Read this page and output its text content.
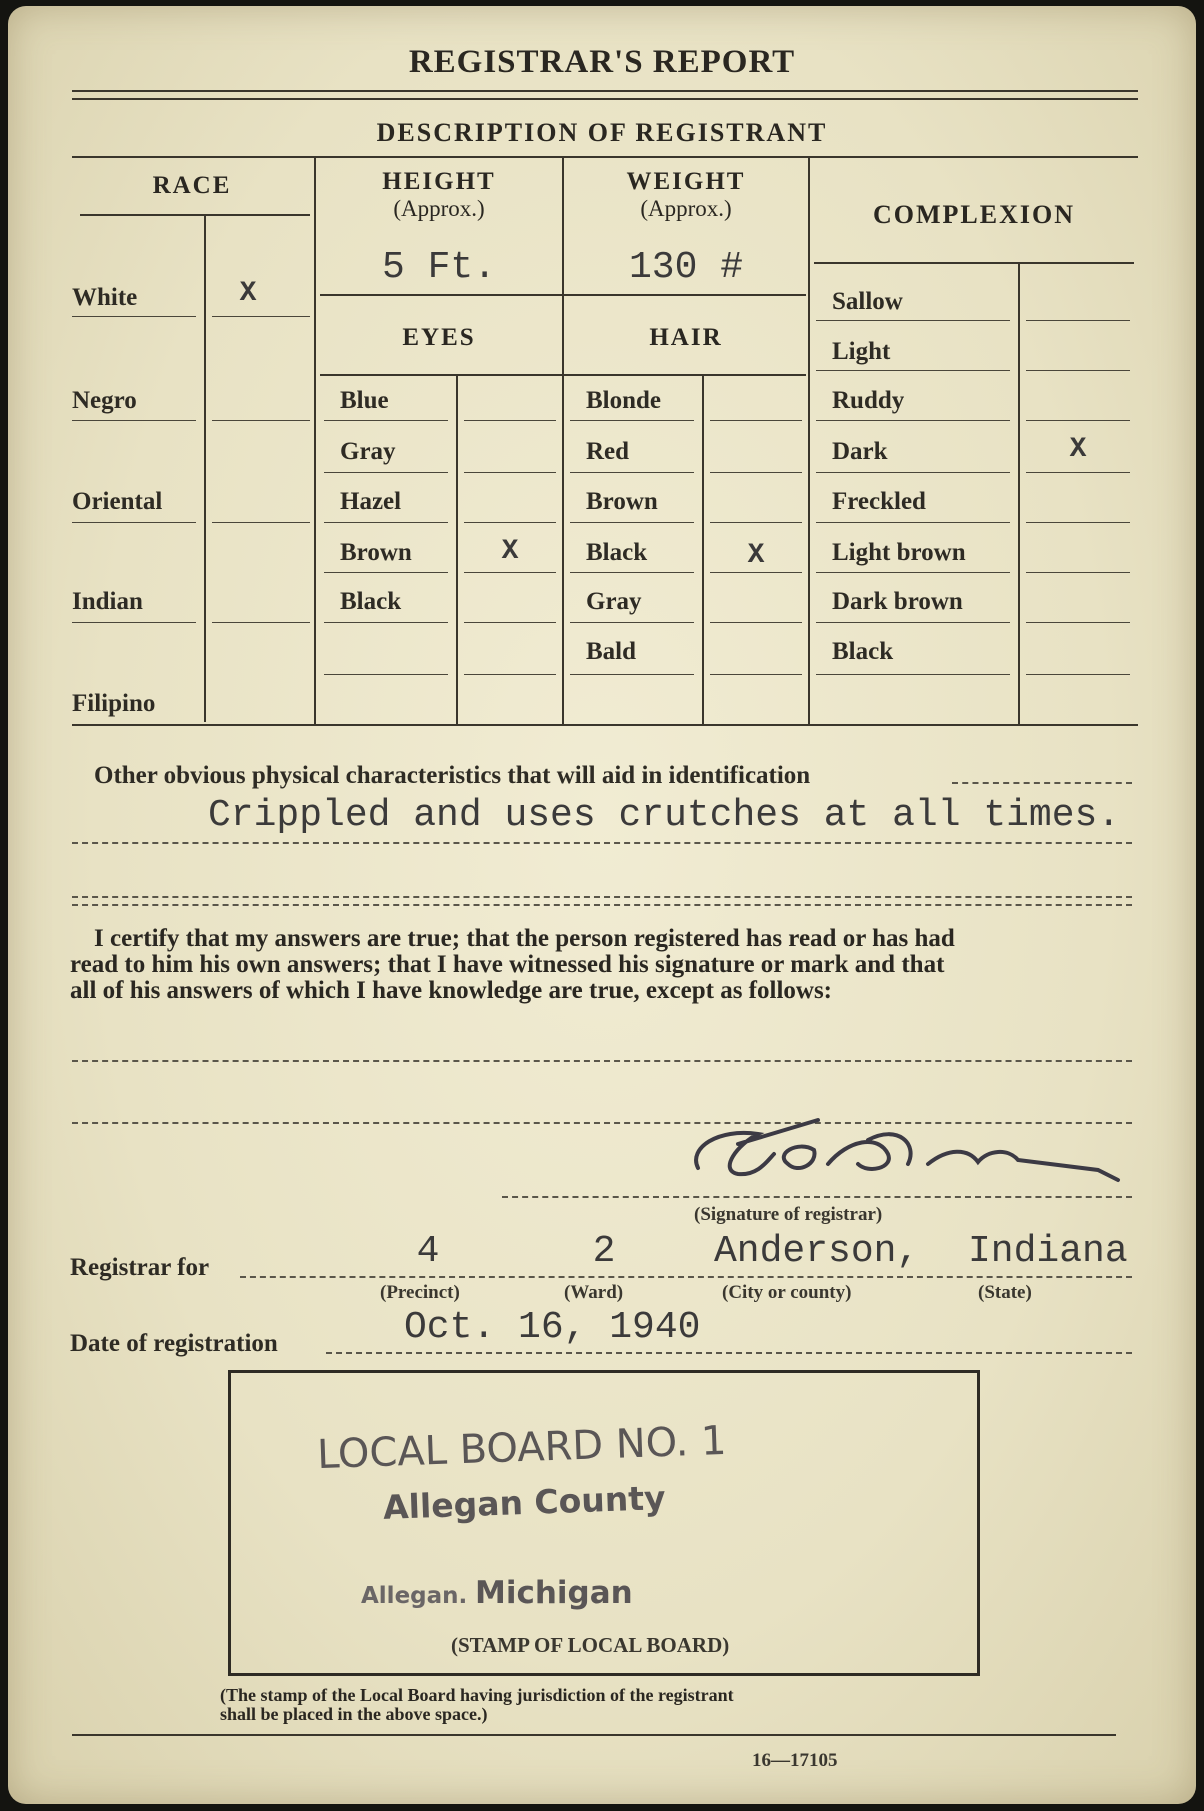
REGISTRAR'S REPORT
DESCRIPTION OF REGISTRANT
RACE
White	X
Negro
Oriental
Indian
Filipino
HEIGHT
(Approx.)
5 Ft.
WEIGHT
(Approx.)
130 #
EYES
Blue
Gray
Hazel
Brown	X
Black
HAIR
Blonde
Red
Brown
Black	X
Gray
Bald
COMPLEXION
Sallow
Light
Ruddy
Dark	X
Freckled
Light brown
Dark brown
Black
Other obvious physical characteristics that will aid in identification
Crippled and uses crutches at all times.
I certify that my answers are true; that the person registered has read or has had
read to him his own answers; that I have witnessed his signature or mark and that
all of his answers of which I have knowledge are true, except as follows:
(Signature of registrar)
Registrar for	4	2	Anderson, Indiana
(Precinct)	(Ward)	(City or county)	(State)
Date of registration	Oct. 16, 1940
LOCAL BOARD NO. 1
Allegan County
Allegan. Michigan
(STAMP OF LOCAL BOARD)
(The stamp of the Local Board having jurisdiction of the registrant
shall be placed in the above space.)
16—17105
